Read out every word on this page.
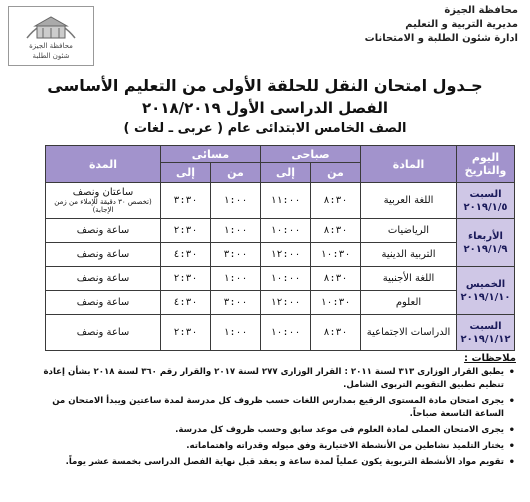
محافظة الجيزة
شئون الطلبة
محافظة الجيزة
مديرية التربية و التعليم
ادارة شئون الطلبة و الامتحانات
جـدول امتحان النقل للحلقة الأولى من التعليم الأساسى
الفصل الدراسى الأول ٢٠١٨/٢٠١٩
الصف الخامس الابتدائى عام ( عربى ـ لغات )
اليوم والتاريخ	المادة	صباحى		مسائى		المدة
		من	إلى	من	إلى	
السبت
٢٠١٩/١/٥	اللغة العربية	٨:٣٠	١١:٠٠	١:٠٠	٣:٣٠	ساعتان ونصف
(تخصص ٣٠ دقيقة للإملاء من زمن الإجابة)

الأربعاء
٢٠١٩/١/٩	الرياضيات	٨:٣٠	١٠:٠٠	١:٠٠	٢:٣٠	ساعة ونصف
	التربية الدينية	١٠:٣٠	١٢:٠٠	٣:٠٠	٤:٣٠	ساعة ونصف
الخميس
٢٠١٩/١/١٠	اللغة الأجنبية	٨:٣٠	١٠:٠٠	١:٠٠	٢:٣٠	ساعة ونصف
	العلوم	١٠:٣٠	١٢:٠٠	٣:٠٠	٤:٣٠	ساعة ونصف
السبت
٢٠١٩/١/١٢	الدراسات الاجتماعية	٨:٣٠	١٠:٠٠	١:٠٠	٢:٣٠	ساعة ونصف
ملاحظات :
• يطبق القرار الوزارى ٣١٣ لسنة ٢٠١١ : القرار الوزارى ٢٧٧ لسنة ٢٠١٧ والقرار رقم ٣٦٠ لسنة ٢٠١٨ بشأن إعادة تنظيم تطبيق التقويم التربوى الشامل.
• يجرى امتحان مادة المستوى الرفيع بمدارس اللغات حسب ظروف كل مدرسة لمدة ساعتين ويبدأ الامتحان من الساعة التاسعة صباحاً.
• يجرى الامتحان العملى لمادة العلوم فى موعد سابق وحسب ظروف كل مدرسة.
• يختار التلميذ نشاطين من الأنشطة الاختيارية وفق ميوله وقدراته واهتماماته.
• تقويم مواد الأنشطة التربوية يكون عملياً لمدة ساعة و يعقد قبل نهاية الفصل الدراسى بخمسة عشر يوماً.
